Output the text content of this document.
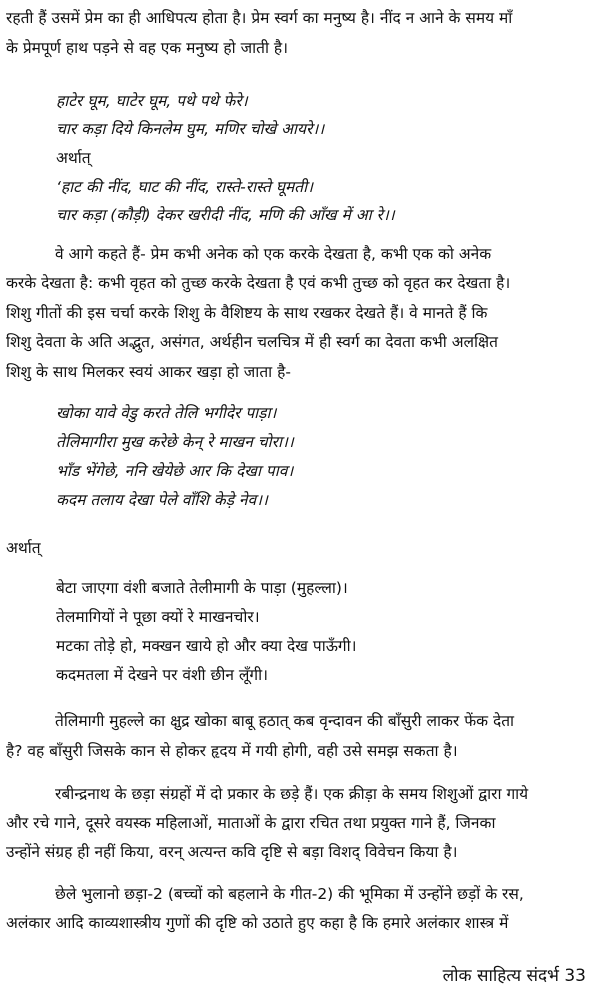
रहती हैं उसमें प्रेम का ही आधिपत्य होता है। प्रेम स्वर्ग का मनुष्य है। नींद न आने के समय माँ
के प्रेमपूर्ण हाथ पड़ने से वह एक मनुष्य हो जाती है।
हाटेर घूम, घाटेर घूम, पथे पथे फेरे।
चार कड़ा दिये किनलेम घुम, मणिर चोखे आयरे।।
अर्थात्
‘हाट की नींद, घाट की नींद, रास्ते-रास्ते घूमती।
चार कड़ा (कौड़ी) देकर खरीदी नींद, मणि की आँख में आ रे।।
वे आगे कहते हैं- प्रेम कभी अनेक को एक करके देखता है, कभी एक को अनेक
करके देखता है: कभी वृहत को तुच्छ करके देखता है एवं कभी तुच्छ को वृहत कर देखता है।
शिशु गीतों की इस चर्चा करके शिशु के वैशिष्टय के साथ रखकर देखते हैं। वे मानते हैं कि
शिशु देवता के अति अद्भुत, असंगत, अर्थहीन चलचित्र में ही स्वर्ग का देवता कभी अलक्षित
शिशु के साथ मिलकर स्वयं आकर खड़ा हो जाता है-
खोका यावे वेडु करते तेलि भगीदेर पाड़ा।
तेलिमागीरा मुख करेछे केन् रे माखन चोरा।।
भाँड भेंगेछे, ननि खेयेछे आर कि देखा पाव।
कदम तलाय देखा पेले वाँशि केड़े नेव।।
अर्थात्
बेटा जाएगा वंशी बजाते तेलीमागी के पाड़ा (मुहल्ला)।
तेलमागियों ने पूछा क्यों रे माखनचोर।
मटका तोड़े हो, मक्खन खाये हो और क्या देख पाऊँगी।
कदमतला में देखने पर वंशी छीन लूँगी।
तेलिमागी मुहल्ले का क्षुद्र खोका बाबू हठात् कब वृन्दावन की बाँसुरी लाकर फेंक देता
है? वह बाँसुरी जिसके कान से होकर हृदय में गयी होगी, वही उसे समझ सकता है।
रबीन्द्रनाथ के छड़ा संग्रहों में दो प्रकार के छड़े हैं। एक क्रीड़ा के समय शिशुओं द्वारा गाये
और रचे गाने, दूसरे वयस्क महिलाओं, माताओं के द्वारा रचित तथा प्रयुक्त गाने हैं, जिनका
उन्होंने संग्रह ही नहीं किया, वरन् अत्यन्त कवि दृष्टि से बड़ा विशद् विवेचन किया है।
छेले भुलानो छड़ा-2 (बच्चों को बहलाने के गीत-2) की भूमिका में उन्होंने छड़ों के रस,
अलंकार आदि काव्यशास्त्रीय गुणों की दृष्टि को उठाते हुए कहा है कि हमारे अलंकार शास्त्र में
लोक साहित्य संदर्भ 33
